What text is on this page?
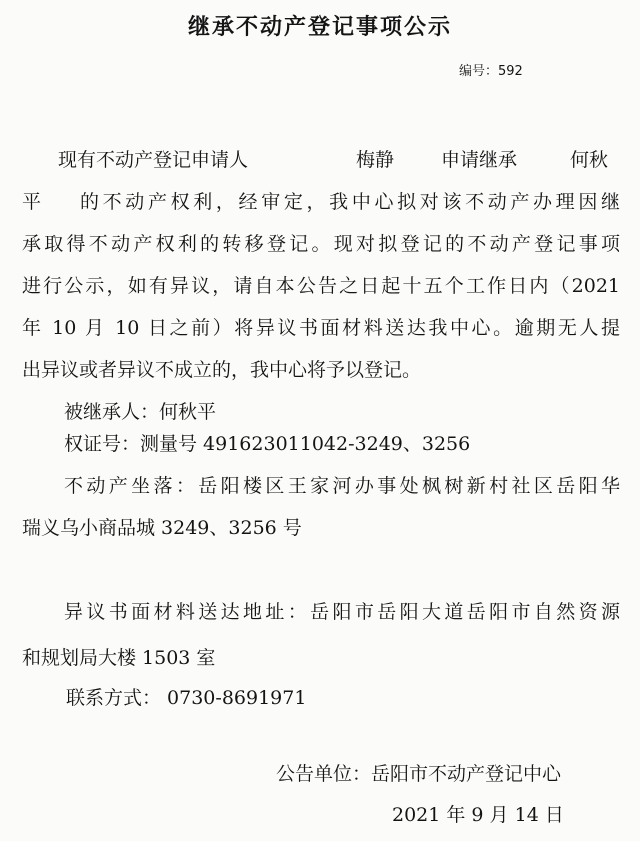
继承不动产登记事项公示
编号：592
现有不动产登记申请人	梅静 申请继承	何秋
平 的不动产权利，经审定，我中心拟对该不动产办理因继
承取得不动产权利的转移登记。现对拟登记的不动产登记事项
进行公示，如有异议，请自本公告之日起十五个工作日内（2021
年 10 月 10 日之前）将异议书面材料送达我中心。逾期无人提
出异议或者异议不成立的，我中心将予以登记。
被继承人：何秋平
权证号：测量号 491623011042-3249、3256
不动产坐落：岳阳楼区王家河办事处枫树新村社区岳阳华
瑞义乌小商品城 3249、3256 号
异议书面材料送达地址：岳阳市岳阳大道岳阳市自然资源
和规划局大楼 1503 室
联系方式： 0730-8691971
公告单位：岳阳市不动产登记中心
2021 年 9 月 14 日
